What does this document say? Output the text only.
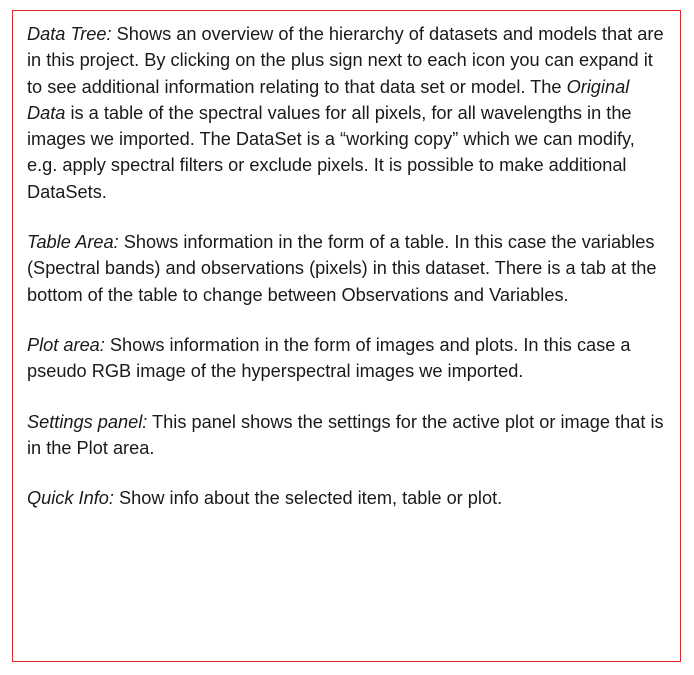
Data Tree: Shows an overview of the hierarchy of datasets and models that are in this project. By clicking on the plus sign next to each icon you can expand it to see additional information relating to that data set or model. The Original Data is a table of the spectral values for all pixels, for all wavelengths in the images we imported. The DataSet is a “working copy” which we can modify, e.g. apply spectral filters or exclude pixels. It is possible to make additional DataSets.

Table Area: Shows information in the form of a table. In this case the variables (Spectral bands) and observations (pixels) in this dataset. There is a tab at the bottom of the table to change between Observations and Variables.

Plot area: Shows information in the form of images and plots. In this case a pseudo RGB image of the hyperspectral images we imported.

Settings panel: This panel shows the settings for the active plot or image that is in the Plot area.

Quick Info: Show info about the selected item, table or plot.
